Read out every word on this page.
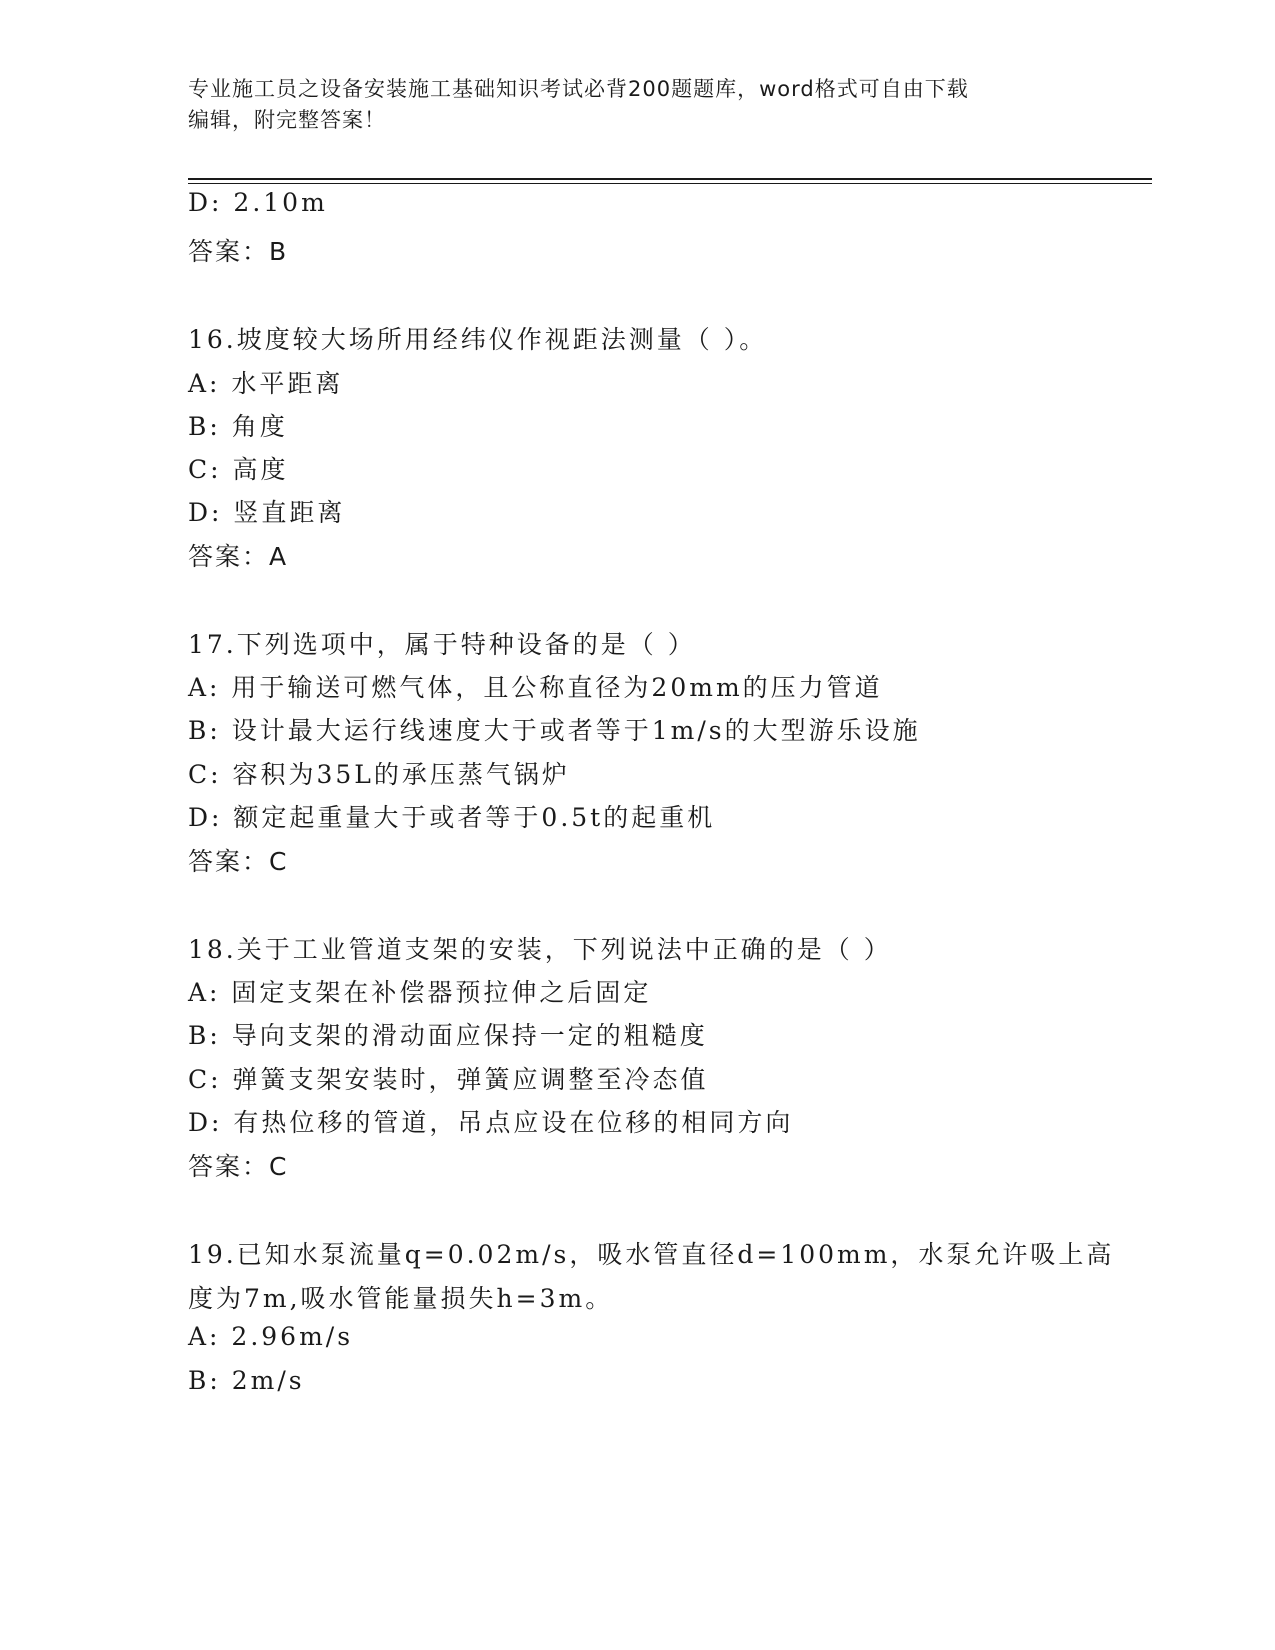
专业施工员之设备安装施工基础知识考试必背200题题库，word格式可自由下载
编辑，附完整答案！
D: 2.10m
答案：B
16.坡度较大场所用经纬仪作视距法测量（ ）。
A: 水平距离
B: 角度
C: 高度
D: 竖直距离
答案：A
17.下列选项中，属于特种设备的是（ ）
A: 用于输送可燃气体，且公称直径为20mm的压力管道
B: 设计最大运行线速度大于或者等于1m/s的大型游乐设施
C: 容积为35L的承压蒸气锅炉
D: 额定起重量大于或者等于0.5t的起重机
答案：C
18.关于工业管道支架的安装，下列说法中正确的是（ ）
A: 固定支架在补偿器预拉伸之后固定
B: 导向支架的滑动面应保持一定的粗糙度
C: 弹簧支架安装时，弹簧应调整至冷态值
D: 有热位移的管道，吊点应设在位移的相同方向
答案：C
19.已知水泵流量q=0.02m/s，吸水管直径d=100mm，水泵允许吸上高
度为7m,吸水管能量损失h=3m。
A: 2.96m/s
B: 2m/s
